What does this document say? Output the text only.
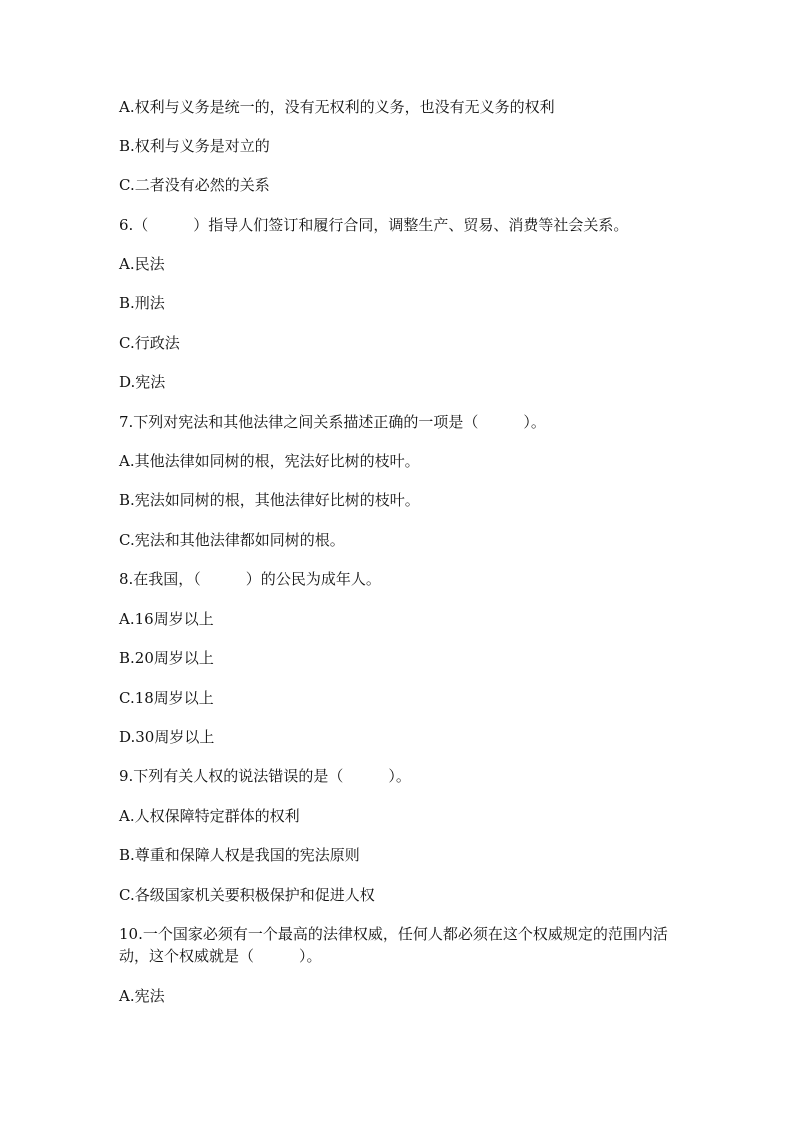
A.权利与义务是统一的，没有无权利的义务，也没有无义务的权利
B.权利与义务是对立的
C.二者没有必然的关系
6.（　　　）指导人们签订和履行合同，调整生产、贸易、消费等社会关系。
A.民法
B.刑法
C.行政法
D.宪法
7.下列对宪法和其他法律之间关系描述正确的一项是（　　　）。
A.其他法律如同树的根，宪法好比树的枝叶。
B.宪法如同树的根，其他法律好比树的枝叶。
C.宪法和其他法律都如同树的根。
8.在我国，（　　　）的公民为成年人。
A.16周岁以上
B.20周岁以上
C.18周岁以上
D.30周岁以上
9.下列有关人权的说法错误的是（　　　）。
A.人权保障特定群体的权利
B.尊重和保障人权是我国的宪法原则
C.各级国家机关要积极保护和促进人权
10.一个国家必须有一个最高的法律权威，任何人都必须在这个权威规定的范围内活动，这个权威就是（　　　）。
A.宪法
